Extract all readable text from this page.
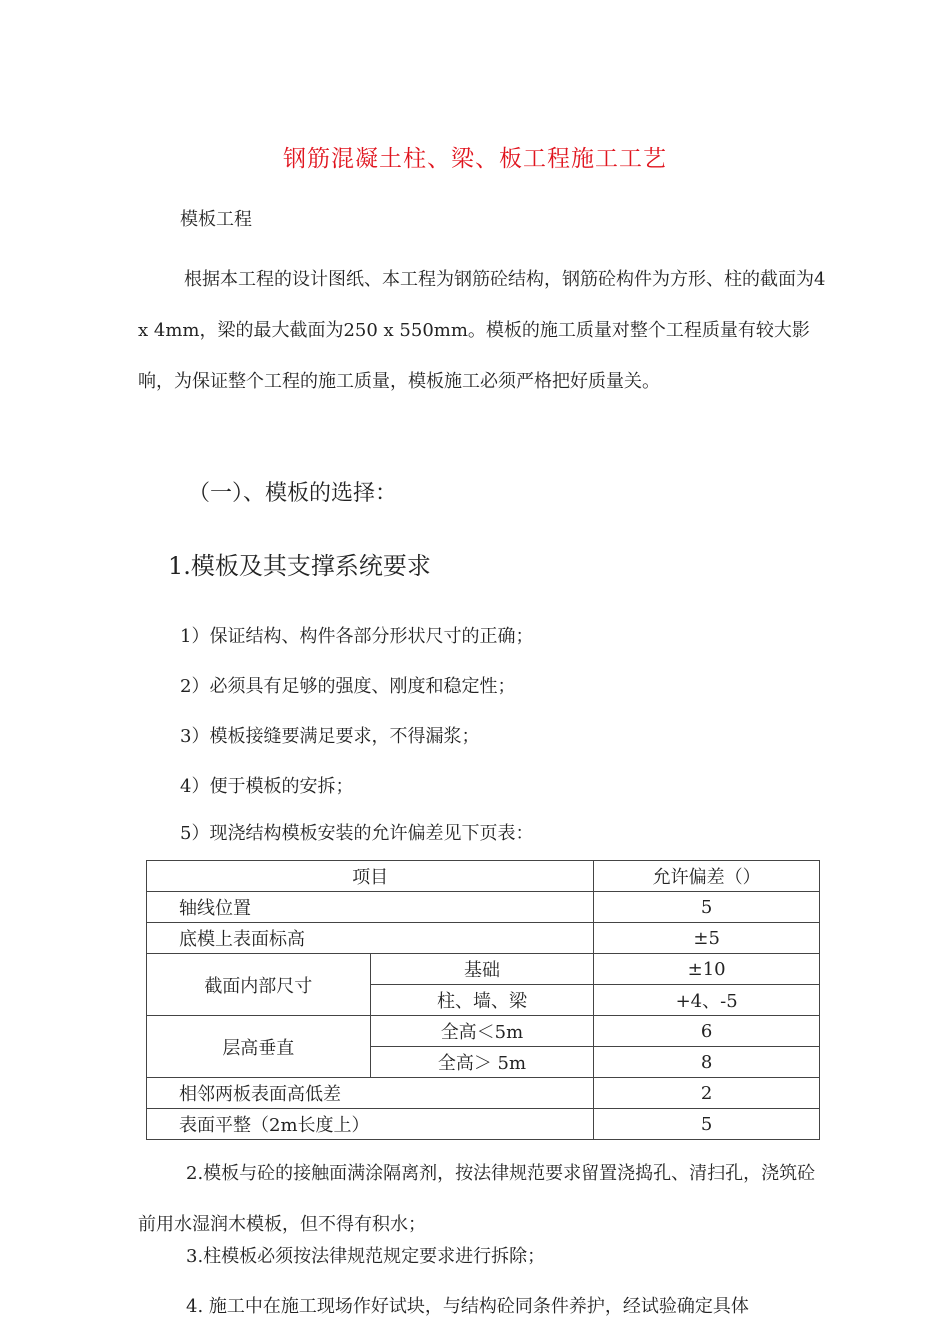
钢筋混凝土柱、梁、板工程施工工艺
模板工程
根据本工程的设计图纸、本工程为钢筋砼结构，钢筋砼构件为方形、柱的截面为4 x 4mm，梁的最大截面为250 x 550mm。模板的施工质量对整个工程质量有较大影响，为保证整个工程的施工质量，模板施工必须严格把好质量关。
（一）、模板的选择：
1.模板及其支撑系统要求
1）保证结构、构件各部分形状尺寸的正确；
2）必须具有足够的强度、刚度和稳定性；
3）模板接缝要满足要求，不得漏浆；
4）便于模板的安拆；
5）现浇结构模板安装的允许偏差见下页表：
项目		允许偏差（）
轴线位置		5
底模上表面标高		±5
截面内部尺寸	基础	±10
	柱、墙、梁	+4、-5
层高垂直	全高＜5m	6
	全高＞ 5m	8
相邻两板表面高低差		2
表面平整（2m长度上）		5
2.模板与砼的接触面满涂隔离剂，按法律规范要求留置浇捣孔、清扫孔，浇筑砼前用水湿润木模板，但不得有积水；
3.柱模板必须按法律规范规定要求进行拆除；
4. 施工中在施工现场作好试块，与结构砼同条件养护，经试验确定具体
